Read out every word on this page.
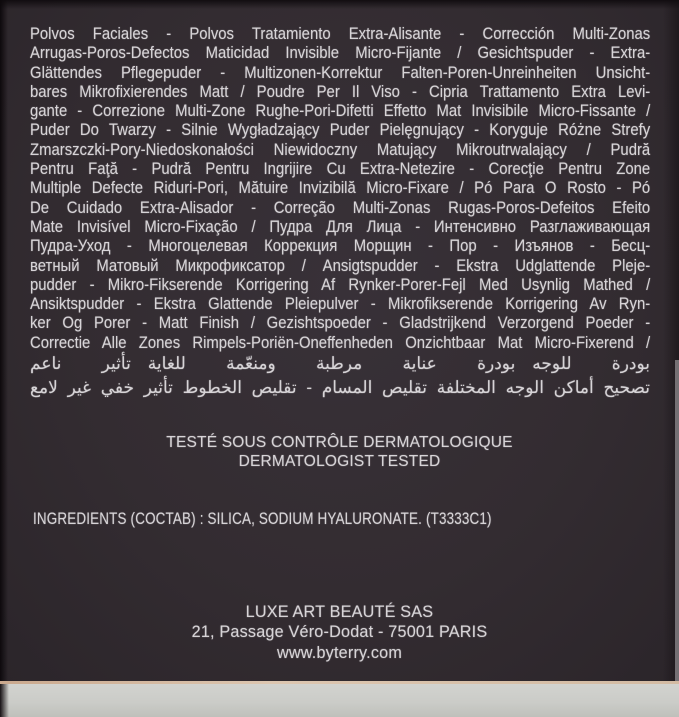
Polvos Faciales - Polvos Tratamiento Extra-Alisante - Corrección Multi-Zonas
Arrugas-Poros-Defectos Maticidad Invisible Micro-Fijante / Gesichtspuder - Extra-
Glättendes Pflegepuder - Multizonen-Korrektur Falten-Poren-Unreinheiten Unsicht-
bares Mikrofixierendes Matt / Poudre Per Il Viso - Cipria Trattamento Extra Levi-
gante - Correzione Multi-Zone Rughe-Pori-Difetti Effetto Mat Invisibile Micro-Fissante /
Puder Do Twarzy - Silnie Wygładzający Puder Pielęgnujący - Koryguje Różne Strefy
Zmarszczki-Pory-Niedoskonałości Niewidoczny Matujący Mikroutrwalający / Pudră
Pentru Faţă - Pudră Pentru Ingrijire Cu Extra-Netezire - Corecţie Pentru Zone
Multiple Defecte Riduri-Pori, Mătuire Invizibilă Micro-Fixare / Pó Para O Rosto - Pó
De Cuidado Extra-Alisador - Correção Multi-Zonas Rugas-Poros-Defeitos Efeito
Mate Invisível Micro-Fixação / Пудра Для Лица - Интенсивно Разглаживающая
Пудра-Уход - Многоцелевая Коррекция Морщин - Пор - Изъянов - Бесц-
ветный Матовый Микрофиксатор / Ansigtspudder - Ekstra Udglattende Pleje-
pudder - Mikro-Fikserende Korrigering Af Rynker-Porer-Fejl Med Usynlig Mathed /
Ansiktspudder - Ekstra Glattende Pleiepulver - Mikrofikserende Korrigering Av Ryn-
ker Og Porer - Matt Finish / Gezishtspoeder - Gladstrijkend Verzorgend Poeder -
Correctie Alle Zones Rimpels-Poriën-Oneffenheden Onzichtbaar Mat Micro-Fixerend /
بودرة للوجه بودرة عناية مرطبة ومنعّمة للغاية تأثير ناعم
تصحيح أماكن الوجه المختلفة تقليص المسام - تقليص الخطوط تأثير خفي غير لامع
TESTÉ SOUS CONTRÔLE DERMATOLOGIQUE
DERMATOLOGIST TESTED
INGREDIENTS (COCTAB) : SILICA, SODIUM HYALURONATE. (T3333C1)
LUXE ART BEAUTÉ SAS
21, Passage Véro-Dodat - 75001 PARIS
www.byterry.com
